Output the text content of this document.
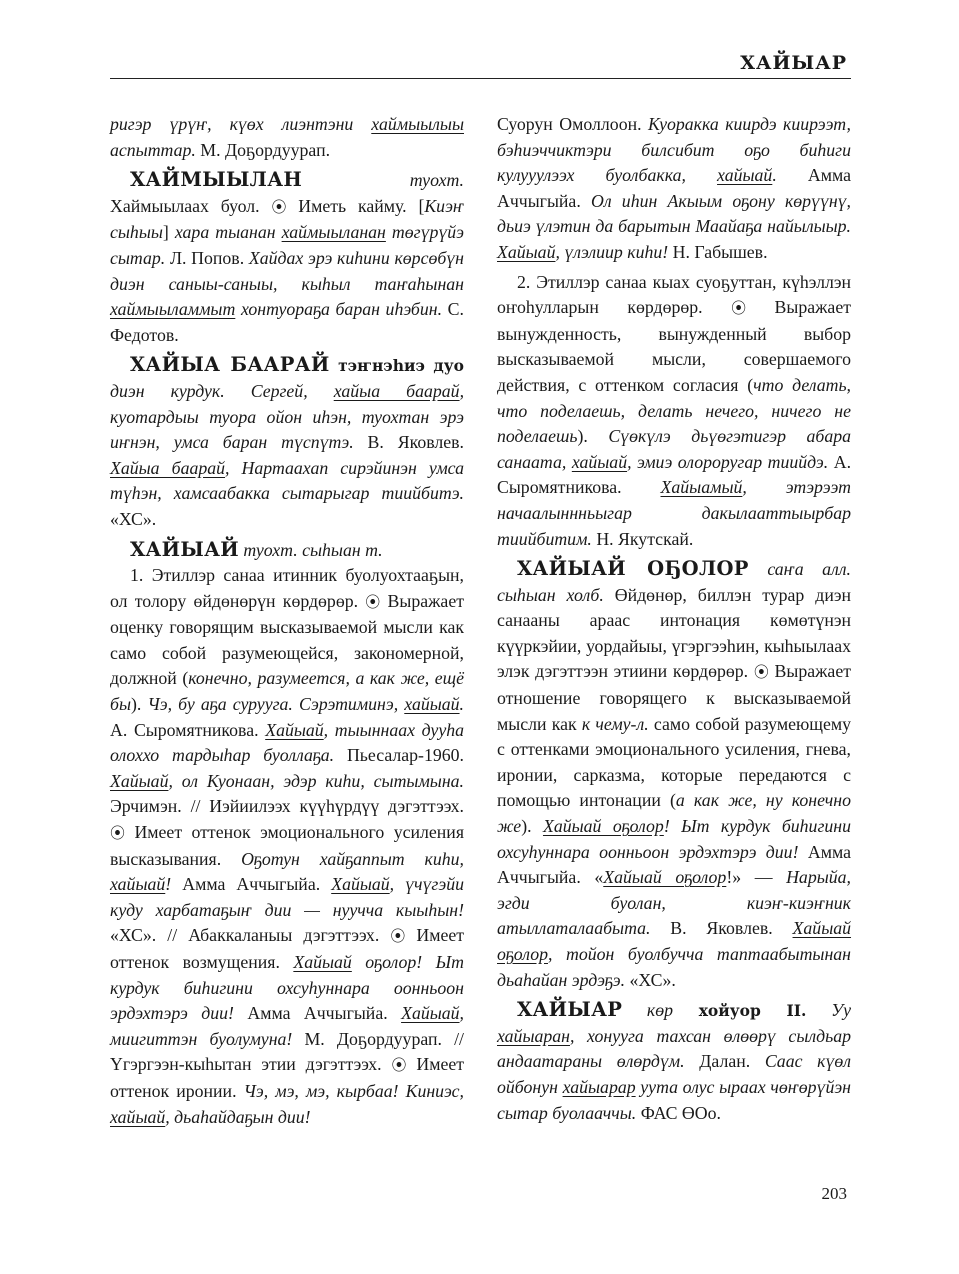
ХАЙЫАР

ригэр үрүҥ, күөх лиэнтэни хаймыылыы аспыттар. М. Доҕордуурап.

ХАЙМЫЫЛАН туохт. Хаймыылаах буол. ⦿ Иметь кайму. [Киэҥ сыһыы] хара тыанан хаймыыланан төгүрүйэ сытар. Л. Попов. Хайдах эрэ киһини көрсөбүн диэн саныы-саныы, кыһыл таҥаһынан хаймыыламмыт хонтуораҕа баран иһэбин. С. Федотов.

ХАЙЫА БААРАЙ тэҥнэһиэ дуо диэн курдук. Сергей, хайыа баарай, куотардыы туора ойон иһэн, туохтан эрэ иҥнэн, умса баран түспүтэ. В. Яковлев. Хайыа баарай, Нартаахап сирэйинэн умса түһэн, хамсаабакка сытарыгар тиийбитэ. «ХС».

ХАЙЫАЙ туохт. сыһыан т.

1. Этиллэр санаа итинник буолуохтааҕын, ол толору өйдөнөрүн көрдөрөр. ⦿ Выражает оценку говорящим высказываемой мысли как само собой разумеющейся, закономерной, должной (конечно, разумеется, а как же, ещё бы). Чэ, бу аҕа сурууга. Сэрэтиминэ, хайыай. А. Сыромятникова. Хайыай, тыыннаах дууһа олоххо тардыһар буоллаҕа. Пьесалар-1960. Хайыай, ол Куонаан, эдэр киһи, сытымына. Эрчимэн. // Иэйиилээх күүһүрдүү дэгэттээх. ⦿ Имеет оттенок эмоционального усиления высказывания. Оҕотун хайҕаппыт киһи, хайыай! Амма Аччыгыйа. Хайыай, үчүгэйи куду харбатаҕыҥ дии — нуучча кыыһын! «ХС». // Абаккаланыы дэгэттээх. ⦿ Имеет оттенок возмущения. Хайыай оҕолор! Ыт курдук биһигини охсуһуннара оонньоон эрдэхтэрэ дии! Амма Аччыгыйа. Хайыай, миигиттэн буолумуна! М. Доҕордуурап. // Үгэргээн-кыһытан этии дэгэттээх. ⦿ Имеет оттенок иронии. Чэ, мэ, мэ, кырбаа! Киниэс, хайыай, дьаһайдаҕын дии!

Суорун Омоллоон. Куоракка киирдэ киирээт, бэһиэччиктэри билсибит оҕо биһиги кулууулээх буолбакка, хайыай. Амма Аччыгыйа. Ол иһин Акыым оҕону көрүүнү, дьиэ үлэтин да барытын Маайаҕа найылыыр. Хайыай, үлэлиир киһи! Н. Габышев.

2. Этиллэр санаа кыах суоҕуттан, күһэллэн оҥоһулларын көрдөрөр. ⦿ Выражает вынужденность, вынужденный выбор высказываемой мысли, совершаемого действия, с оттенком согласия (что делать, что поделаешь, делать нечего, ничего не поделаешь). Сүөкүлэ дьүөгэтигэр абара санаата, хайыай, эмиэ олороругар тиийдэ. А. Сыромятникова. Хайыамый, этэрээт начаалыннньыгар дакылааттыырбар тиийбитим. Н. Якутскай.

ХАЙЫАЙ ОҔОЛОР саҥа алл. сыһыан холб. Өйдөнөр, биллэн турар диэн санааны араас интонация көмөтүнэн күүркэйии, уордайыы, үгэргээһин, кыһыылаах элэк дэгэттээн этиини көрдөрөр. ⦿ Выражает отношение говорящего к высказываемой мысли как к чему-л. само собой разумеющему с оттенками эмоционального усиления, гнева, иронии, сарказма, которые передаются с помощью интонации (а как же, ну конечно же). Хайыай оҕолор! Ыт курдук биһигини охсуһуннара оонньоон эрдэхтэрэ дии! Амма Аччыгыйа. «Хайыай оҕолор!» — Нарыйа, эгди буолан, киэҥ-киэҥник атыллаталаабыта. В. Яковлев. Хайыай оҕолор, тойон буолбучча таптаабытынан дьаһайан эрдэҕэ. «ХС».

ХАЙЫАР көр хойуор II. Уу хайыаран, хонууга тахсан өлөөрү сылдьар андаатараны өлөрдүм. Далан. Саас күөл ойбонун хайыарар уута олус ыраах чөҥөрүйэн сытар буолааччы. ФАС ӨОо.

203
